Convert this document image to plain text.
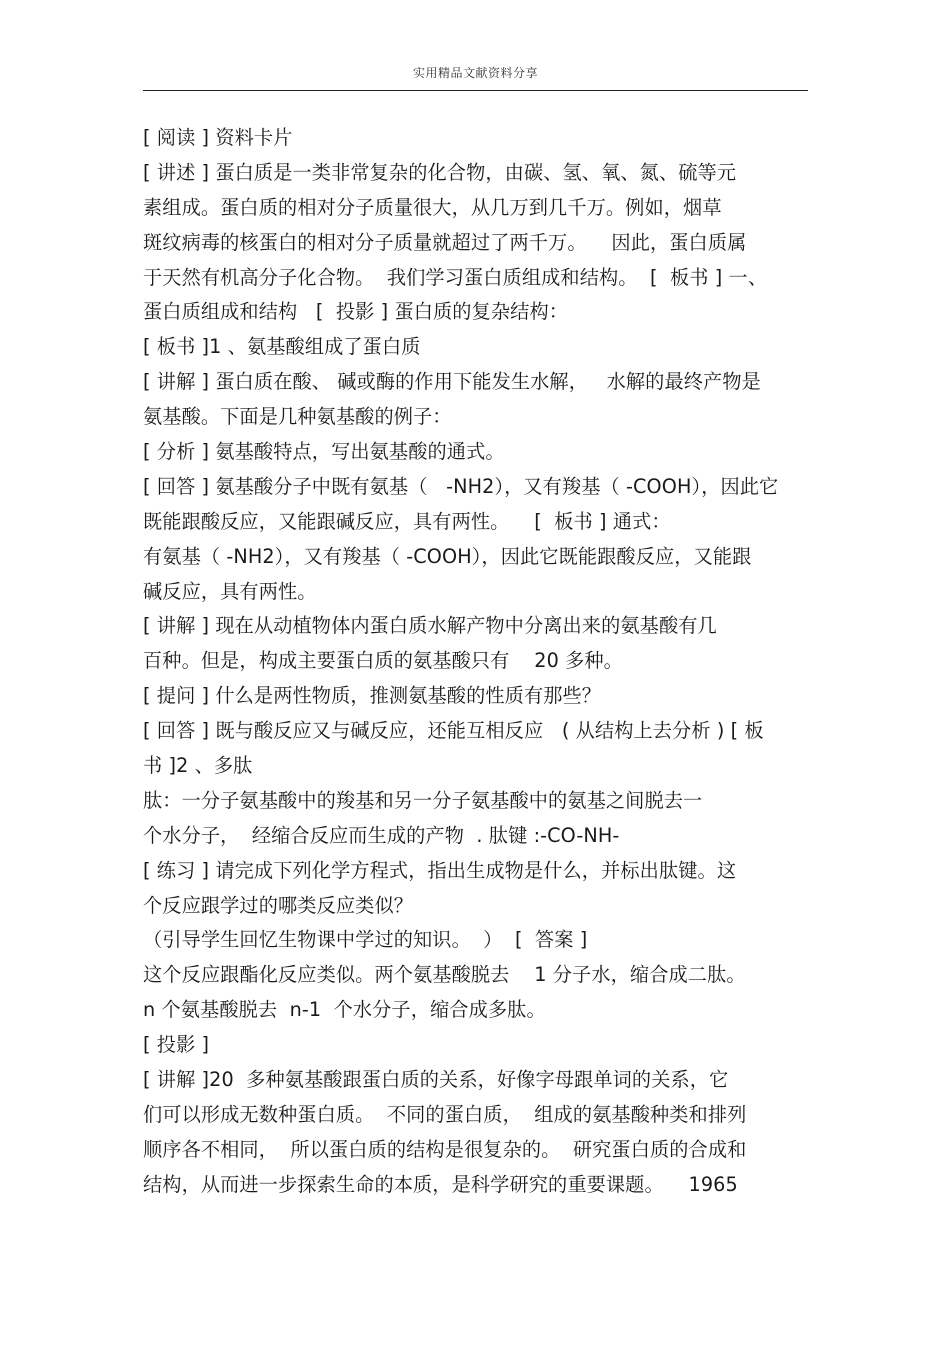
实用精品文献资料分享
[ 阅读 ] 资料卡片
[ 讲述 ] 蛋白质是一类非常复杂的化合物，由碳、氢、氧、氮、硫等元
素组成。蛋白质的相对分子质量很大，从几万到几千万。例如，烟草
斑纹病毒的核蛋白的相对分子质量就超过了两千万。    因此，蛋白质属
于天然有机高分子化合物。  我们学习蛋白质组成和结构。  [  板书 ] 一、
蛋白质组成和结构   [  投影 ] 蛋白质的复杂结构：
[ 板书 ]1 、氨基酸组成了蛋白质
[ 讲解 ] 蛋白质在酸、 碱或酶的作用下能发生水解，   水解的最终产物是
氨基酸。下面是几种氨基酸的例子：
[ 分析 ] 氨基酸特点，写出氨基酸的通式。
[ 回答 ] 氨基酸分子中既有氨基（   -NH2），又有羧基（ -COOH），因此它
既能跟酸反应，又能跟碱反应，具有两性。    [  板书 ] 通式：
有氨基（ -NH2），又有羧基（ -COOH），因此它既能跟酸反应，又能跟
碱反应，具有两性。
[ 讲解 ] 现在从动植物体内蛋白质水解产物中分离出来的氨基酸有几
百种。但是，构成主要蛋白质的氨基酸只有    20 多种。
[ 提问 ] 什么是两性物质，推测氨基酸的性质有那些？
[ 回答 ] 既与酸反应又与碱反应，还能互相反应   ( 从结构上去分析 ) [ 板
书 ]2 、多肽
肽：一分子氨基酸中的羧基和另一分子氨基酸中的氨基之间脱去一
个水分子，  经缩合反应而生成的产物  . 肽键 :-CO-NH-
[ 练习 ] 请完成下列化学方程式，指出生成物是什么，并标出肽键。这
个反应跟学过的哪类反应类似？
（引导学生回忆生物课中学过的知识。  ）  [  答案 ]
这个反应跟酯化反应类似。两个氨基酸脱去    1 分子水，缩合成二肽。
n 个氨基酸脱去  n-1  个水分子，缩合成多肽。
[ 投影 ]
[ 讲解 ]20  多种氨基酸跟蛋白质的关系，好像字母跟单词的关系，它
们可以形成无数种蛋白质。  不同的蛋白质，  组成的氨基酸种类和排列
顺序各不相同，  所以蛋白质的结构是很复杂的。  研究蛋白质的合成和
结构，从而进一步探索生命的本质，是科学研究的重要课题。    1965
